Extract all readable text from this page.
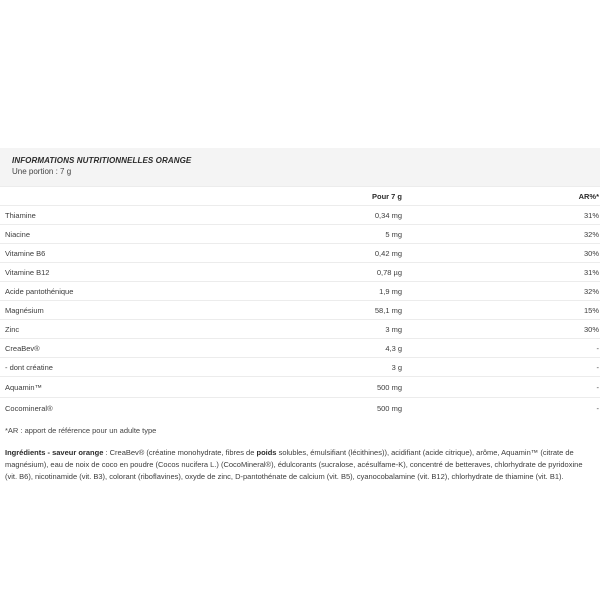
INFORMATIONS NUTRITIONNELLES ORANGE
Une portion : 7 g
	Pour 7 g	AR%*
Thiamine	0,34 mg	31%
Niacine	5 mg	32%
Vitamine B6	0,42 mg	30%
Vitamine B12	0,78 µg	31%
Acide pantothénique	1,9 mg	32%
Magnésium	58,1 mg	15%
Zinc	3 mg	30%
CreaBev®	4,3 g	-
- dont créatine	3 g	-
Aquamin™	500 mg	-
Cocomineral®	500 mg	-
*AR : apport de référence pour un adulte type
Ingrédients - saveur orange : CreaBev® (créatine monohydrate, fibres de poids solubles, émulsifiant (lécithines)), acidifiant (acide citrique), arôme, Aquamin™ (citrate de magnésium), eau de noix de coco en poudre (Cocos nucifera L.) (CocoMineral®), édulcorants (sucralose, acésulfame-K), concentré de betteraves, chlorhydrate de pyridoxine (vit. B6), nicotinamide (vit. B3), colorant (riboflavines), oxyde de zinc, D-pantothénate de calcium (vit. B5), cyanocobalamine (vit. B12), chlorhydrate de thiamine (vit. B1).
